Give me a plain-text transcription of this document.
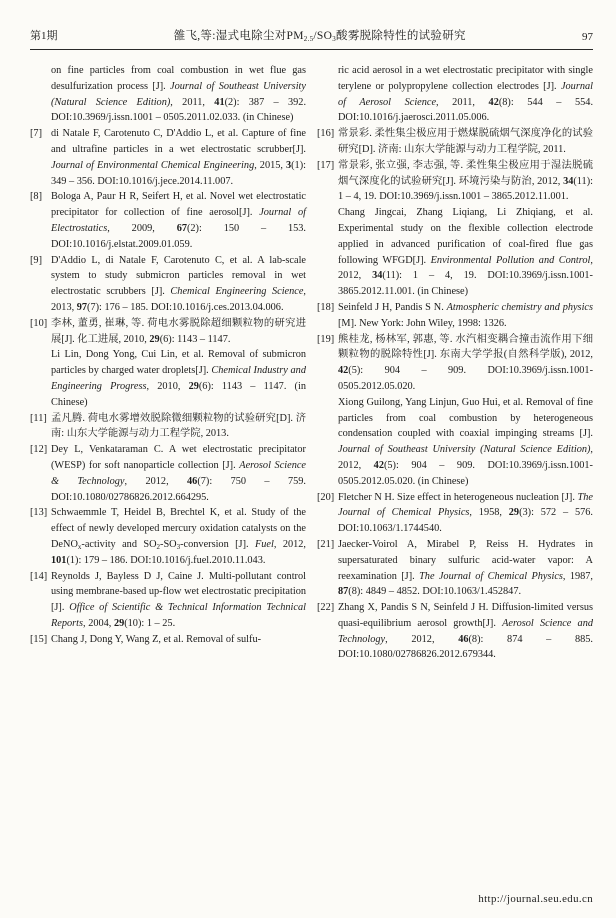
第1期	雒飞,等:湿式电除尘对$PM_{2.5}/SO_3$酸雾脱除特性的试验研究	97
on fine particles from coal combustion in wet flue gas desulfurization process [J]. Journal of Southeast University (Natural Science Edition), 2011, 41(2): 387 – 392. DOI:10.3969/j.issn.1001 – 0505.2011.02.033. (in Chinese)
[7] di Natale F, Carotenuto C, D'Addio L, et al. Capture of fine and ultrafine particles in a wet electrostatic scrubber[J]. Journal of Environmental Chemical Engineering, 2015, 3(1): 349 – 356. DOI:10.1016/j.jece.2014.11.007.
[8] Bologa A, Paur H R, Seifert H, et al. Novel wet electrostatic precipitator for collection of fine aerosol[J]. Journal of Electrostatics, 2009, 67(2): 150 – 153. DOI:10.1016/j.elstat.2009.01.059.
[9] D'Addio L, di Natale F, Carotenuto C, et al. A lab-scale system to study submicron particles removal in wet electrostatic scrubbers [J]. Chemical Engineering Science, 2013, 97(7): 176 – 185. DOI:10.1016/j.ces.2013.04.006.
[10] 李林, 董勇, 崔琳, 等. 荷电水雾脱除超细颗粒物的研究进展[J]. 化工进展, 2010, 29(6): 1143 – 1147.
Li Lin, Dong Yong, Cui Lin, et al. Removal of submicron particles by charged water droplets[J]. Chemical Industry and Engineering Progress, 2010, 29(6): 1143 – 1147. (in Chinese)
[11] 孟凡腾. 荷电水雾增效脱除微细颗粒物的试验研究[D]. 济南: 山东大学能源与动力工程学院, 2013.
[12] Dey L, Venkataraman C. A wet electrostatic precipitator (WESP) for soft nanoparticle collection [J]. Aerosol Science & Technology, 2012, 46(7): 750 – 759. DOI:10.1080/02786826.2012.664295.
[13] Schwaemmle T, Heidel B, Brechtel K, et al. Study of the effect of newly developed mercury oxidation catalysts on the DeNO$_x$-activity and $SO_2-SO_3$-conversion [J]. Fuel, 2012, 101(1): 179 – 186. DOI:10.1016/j.fuel.2010.11.043.
[14] Reynolds J, Bayless D J, Caine J. Multi-pollutant control using membrane-based up-flow wet electrostatic precipitation [J]. Office of Scientific & Technical Information Technical Reports, 2004, 29(10): 1 – 25.
[15] Chang J, Dong Y, Wang Z, et al. Removal of sulfu-
ric acid aerosol in a wet electrostatic precipitator with single terylene or polypropylene collection electrodes [J]. Journal of Aerosol Science, 2011, 42(8): 544 – 554. DOI:10.1016/j.jaerosci.2011.05.006.
[16] 常景彩. 柔性集尘极应用于燃煤脱硫烟气深度净化的试验研究[D]. 济南: 山东大学能源与动力工程学院, 2011.
[17] 常景彩, 张立强, 李志强, 等. 柔性集尘极应用于湿法脱硫烟气深度化的试验研究[J]. 环境污染与防治, 2012, 34(11): 1 – 4, 19. DOI:10.3969/j.issn.1001 – 3865.2012.11.001.
Chang Jingcai, Zhang Liqiang, Li Zhiqiang, et al. Experimental study on the flexible collection electrode applied in advanced purification of coal-fired flue gas following WFGD[J]. Environmental Pollution and Control, 2012, 34(11): 1 – 4, 19. DOI:10.3969/j.issn.1001-3865.2012.11.001. (in Chinese)
[18] Seinfeld J H, Pandis S N. Atmospheric chemistry and physics [M]. New York: John Wiley, 1998: 1326.
[19] 熊桂龙, 杨林军, 郭惠, 等. 水汽相变耦合撞击流作用下细颗粒物的脱除特性[J]. 东南大学学报(自然科学版), 2012, 42(5): 904 – 909. DOI:10.3969/j.issn.1001-0505.2012.05.020.
Xiong Guilong, Yang Linjun, Guo Hui, et al. Removal of fine particles from coal combustion by heterogeneous condensation coupled with coaxial impinging streams [J]. Journal of Southeast University (Natural Science Edition), 2012, 42(5): 904 – 909. DOI:10.3969/j.issn.1001-0505.2012.05.020. (in Chinese)
[20] Fletcher N H. Size effect in heterogeneous nucleation [J]. The Journal of Chemical Physics, 1958, 29(3): 572 – 576. DOI:10.1063/1.1744540.
[21] Jaecker-Voirol A, Mirabel P, Reiss H. Hydrates in supersaturated binary sulfuric acid-water vapor: A reexamination [J]. The Journal of Chemical Physics, 1987, 87(8): 4849 – 4852. DOI:10.1063/1.452847.
[22] Zhang X, Pandis S N, Seinfeld J H. Diffusion-limited versus quasi-equilibrium aerosol growth[J]. Aerosol Science and Technology, 2012, 46(8): 874 – 885. DOI:10.1080/02786826.2012.679344.
http://journal.seu.edu.cn
